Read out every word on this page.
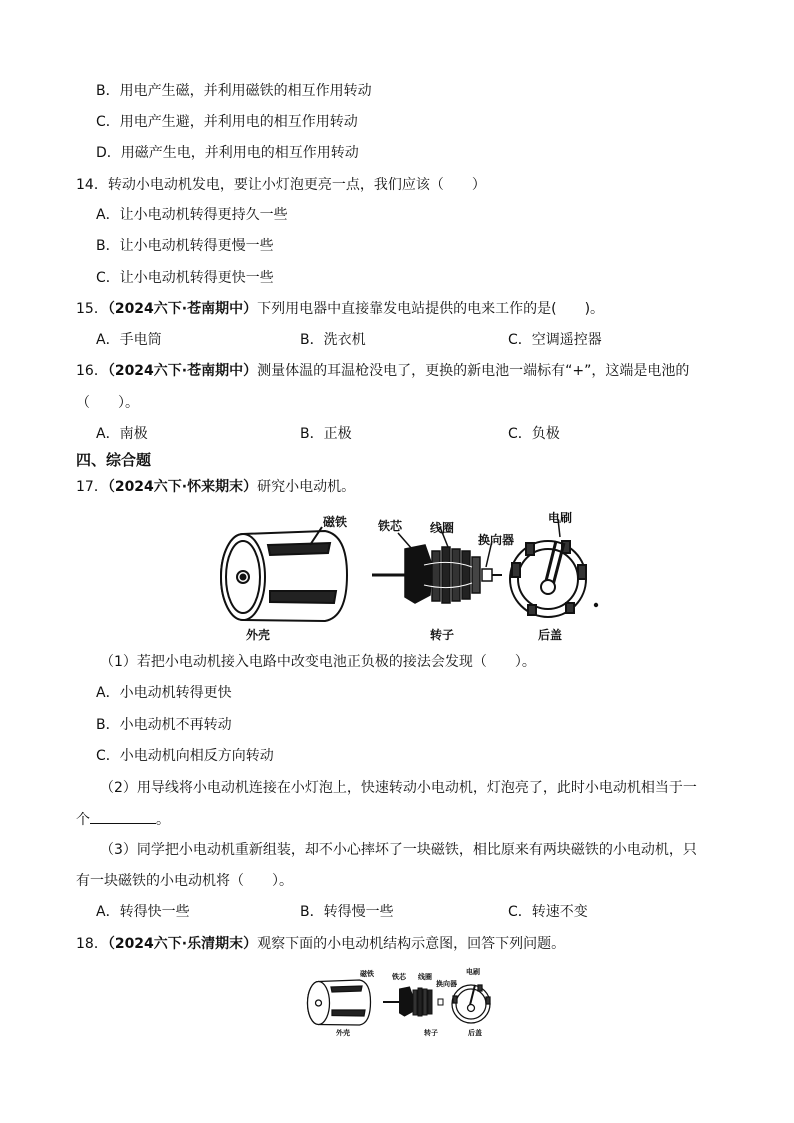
B．用电产生磁，并利用磁铁的相互作用转动
C．用电产生避，并利用电的相互作用转动
D．用磁产生电，并利用电的相互作用转动
14．转动小电动机发电，要让小灯泡更亮一点，我们应该（　　）
A．让小电动机转得更持久一些
B．让小电动机转得更慢一些
C．让小电动机转得更快一些
15．（2024六下·苍南期中）下列用电器中直接靠发电站提供的电来工作的是(　　)。
A．手电筒	B．洗衣机	C．空调遥控器
16．（2024六下·苍南期中）测量体温的耳温枪没电了，更换的新电池一端标有“+”，这端是电池的
（　　）。
A．南极	B．正极	C．负极
四、综合题
17．（2024六下·怀来期末）研究小电动机。
磁铁	铁芯 线圈
换向器
电刷
外壳	转子	后盖
（1）若把小电动机接入电路中改变电池正负极的接法会发现（　　）。
A．小电动机转得更快
B．小电动机不再转动
C．小电动机向相反方向转动
（2）用导线将小电动机连接在小灯泡上，快速转动小电动机，灯泡亮了，此时小电动机相当于一
个	。
（3）同学把小电动机重新组装，却不小心摔坏了一块磁铁，相比原来有两块磁铁的小电动机，只
有一块磁铁的小电动机将（　　）。
A．转得快一些	B．转得慢一些	C．转速不变
18．（2024六下·乐清期末）观察下面的小电动机结构示意图，回答下列问题。
磁铁	铁芯 线圈
换向器
电刷
外壳	转子	后盖
